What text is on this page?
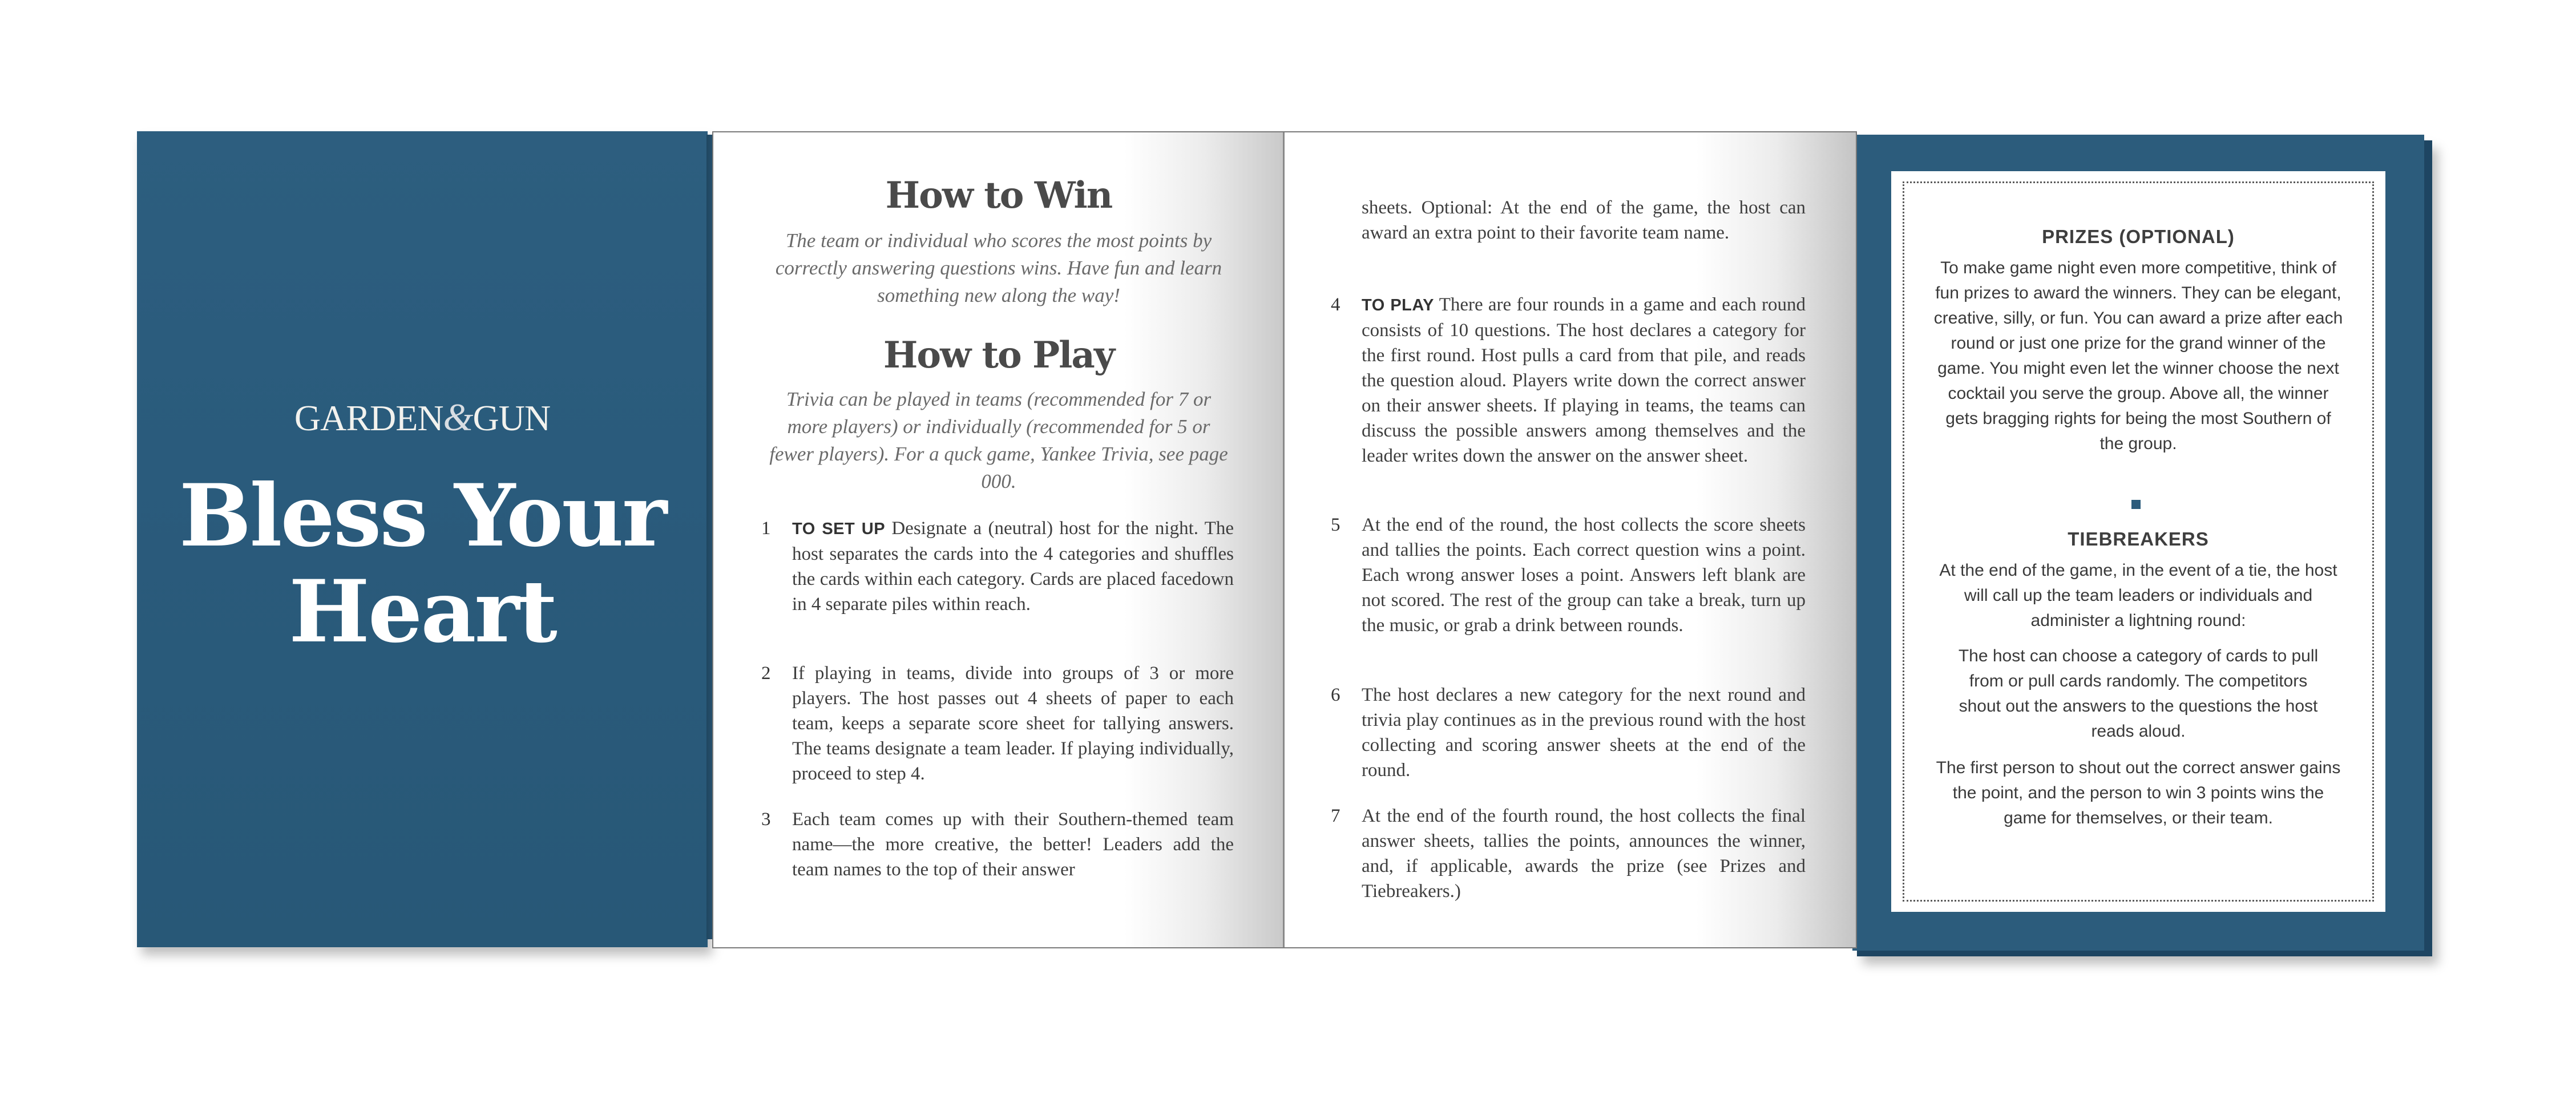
GARDEN&GUN
Bless Your
Heart
How to Win
The team or individual who scores the most points by correctly answering questions wins. Have fun and learn something new along the way!
How to Play
Trivia can be played in teams (recommended for 7 or more players) or individually (recommended for 5 or fewer players). For a quck game, Yankee Trivia, see page 000.
1 TO SET UP Designate a (neutral) host for the night. The host separates the cards into the 4 categories and shuffles the cards within each category. Cards are placed facedown in 4 separate piles within reach.
2 If playing in teams, divide into groups of 3 or more players. The host passes out 4 sheets of paper to each team, keeps a separate score sheet for tallying answers. The teams designate a team leader. If playing individually, proceed to step 4.
3 Each team comes up with their Southern-themed team name—the more creative, the better! Leaders add the team names to the top of their answer
sheets. Optional: At the end of the game, the host can award an extra point to their favorite team name.
4 TO PLAY There are four rounds in a game and each round consists of 10 questions. The host declares a category for the first round. Host pulls a card from that pile, and reads the question aloud. Players write down the correct answer on their answer sheets. If playing in teams, the teams can discuss the possible answers among themselves and the leader writes down the answer on the answer sheet.
5 At the end of the round, the host collects the score sheets and tallies the points. Each correct question wins a point. Each wrong answer loses a point. Answers left blank are not scored. The rest of the group can take a break, turn up the music, or grab a drink between rounds.
6 The host declares a new category for the next round and trivia play continues as in the previous round with the host collecting and scoring answer sheets at the end of the round.
7 At the end of the fourth round, the host collects the final answer sheets, tallies the points, announces the winner, and, if applicable, awards the prize (see Prizes and Tiebreakers.)
PRIZES (OPTIONAL)
To make game night even more competitive, think of fun prizes to award the winners. They can be elegant, creative, silly, or fun. You can award a prize after each round or just one prize for the grand winner of the game. You might even let the winner choose the next cocktail you serve the group. Above all, the winner gets bragging rights for being the most Southern of the group.
TIEBREAKERS
At the end of the game, in the event of a tie, the host will call up the team leaders or individuals and administer a lightning round:
The host can choose a category of cards to pull from or pull cards randomly. The competitors shout out the answers to the questions the host reads aloud.
The first person to shout out the correct answer gains the point, and the person to win 3 points wins the game for themselves, or their team.
